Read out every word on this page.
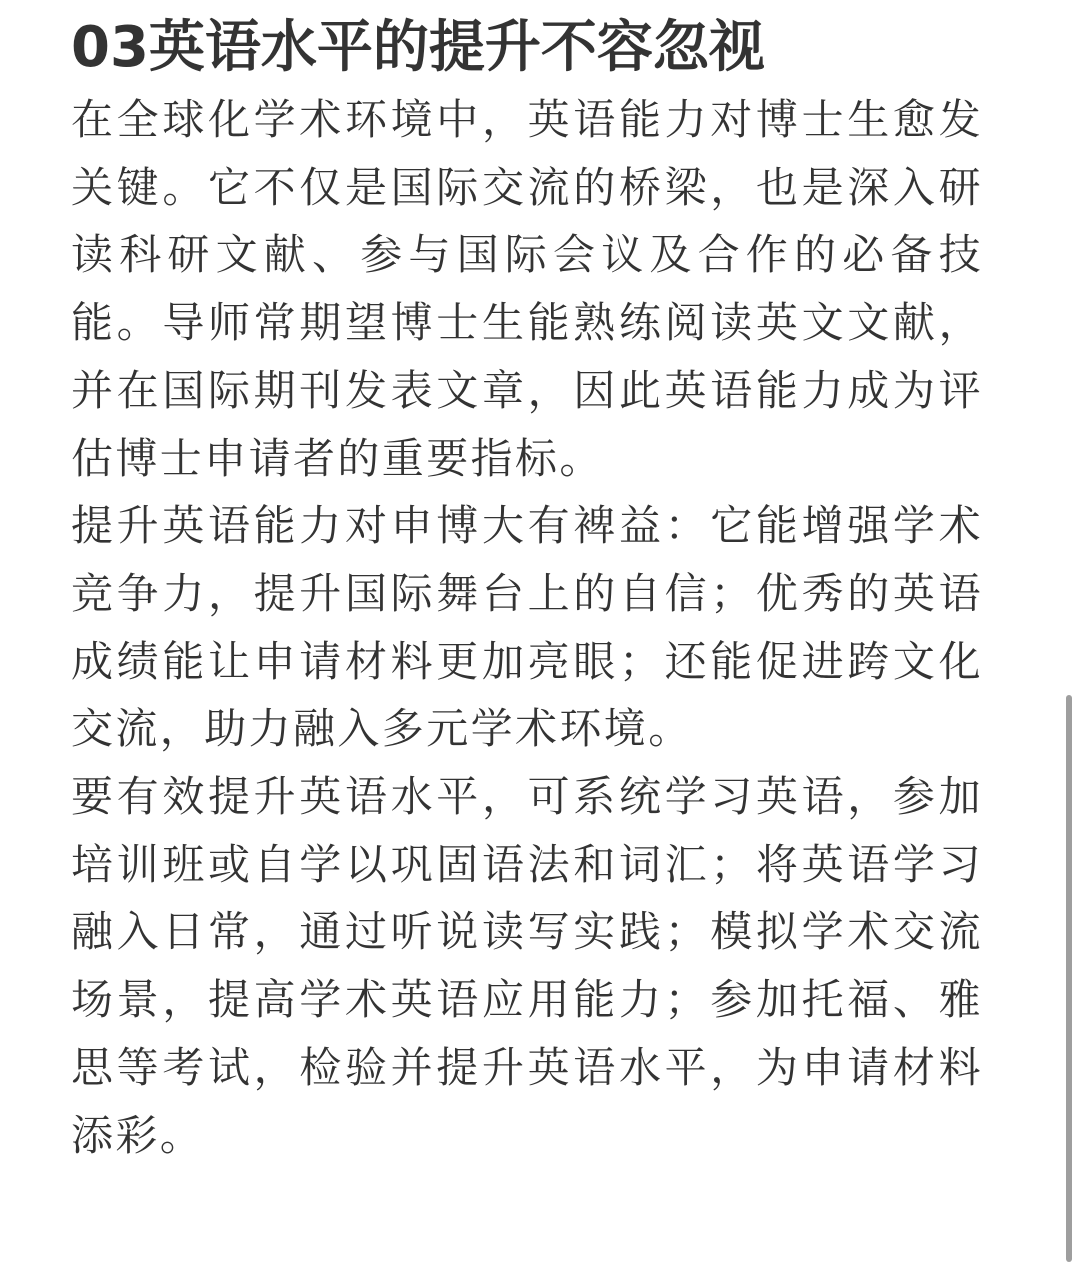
03英语水平的提升不容忽视

在全球化学术环境中，英语能力对博士生愈发关键。它不仅是国际交流的桥梁，也是深入研读科研文献、参与国际会议及合作的必备技能。导师常期望博士生能熟练阅读英文文献，并在国际期刊发表文章，因此英语能力成为评估博士申请者的重要指标。

提升英语能力对申博大有裨益：它能增强学术竞争力，提升国际舞台上的自信；优秀的英语成绩能让申请材料更加亮眼；还能促进跨文化交流，助力融入多元学术环境。

要有效提升英语水平，可系统学习英语，参加培训班或自学以巩固语法和词汇；将英语学习融入日常，通过听说读写实践；模拟学术交流场景，提高学术英语应用能力；参加托福、雅思等考试，检验并提升英语水平，为申请材料添彩。
